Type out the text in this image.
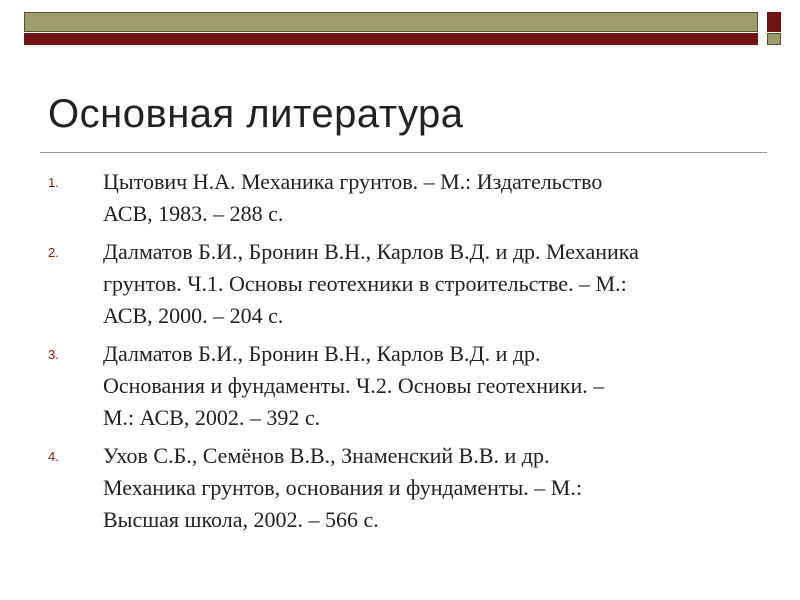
Основная литература
1.	Цытович Н.А. Механика грунтов. – М.: Издательство
АСВ, 1983. – 288 с.
2.	Далматов Б.И., Бронин В.Н., Карлов В.Д. и др. Механика
грунтов. Ч.1. Основы геотехники в строительстве. – М.:
АСВ, 2000. – 204 с.
3.	Далматов Б.И., Бронин В.Н., Карлов В.Д. и др.
Основания и фундаменты. Ч.2. Основы геотехники. –
М.: АСВ, 2002. – 392 с.
4.	Ухов С.Б., Семёнов В.В., Знаменский В.В. и др.
Механика грунтов, основания и фундаменты. – М.:
Высшая школа, 2002. – 566 с.
